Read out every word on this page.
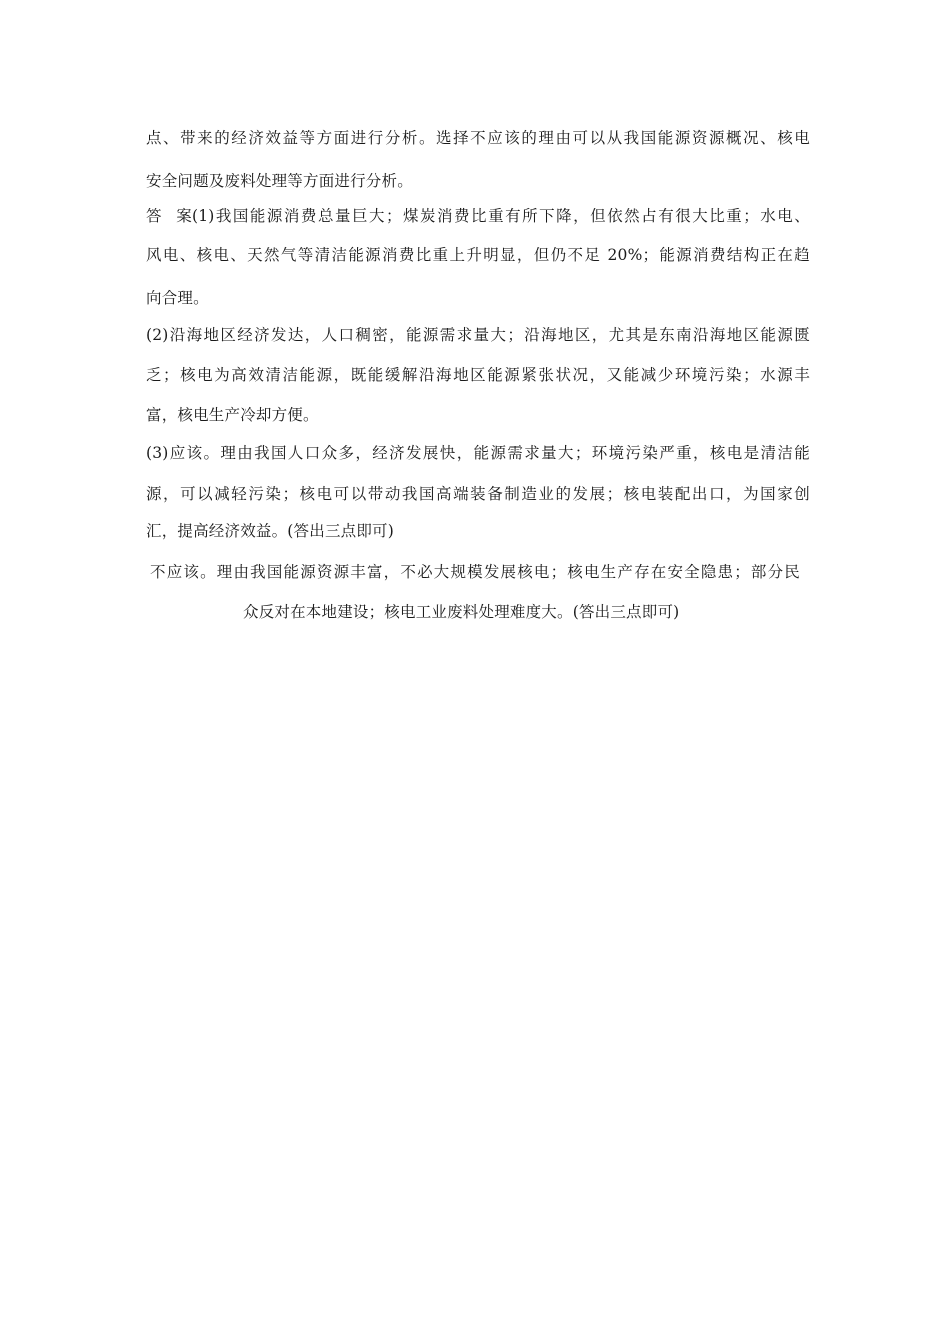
点、带来的经济效益等方面进行分析。选择不应该的理由可以从我国能源资源概况、核电
安全问题及废料处理等方面进行分析。
答案(1)我国能源消费总量巨大；煤炭消费比重有所下降，但依然占有很大比重；水电、
风电、核电、天然气等清洁能源消费比重上升明显，但仍不足 20%；能源消费结构正在趋
向合理。
(2)沿海地区经济发达，人口稠密，能源需求量大；沿海地区，尤其是东南沿海地区能源匮
乏；核电为高效清洁能源，既能缓解沿海地区能源紧张状况，又能减少环境污染；水源丰
富，核电生产冷却方便。
(3)应该。理由我国人口众多，经济发展快，能源需求量大；环境污染严重，核电是清洁能
源，可以减轻污染；核电可以带动我国高端装备制造业的发展；核电装配出口，为国家创
汇，提高经济效益。(答出三点即可)
不应该。理由我国能源资源丰富，不必大规模发展核电；核电生产存在安全隐患；部分民
众反对在本地建设；核电工业废料处理难度大。(答出三点即可)
